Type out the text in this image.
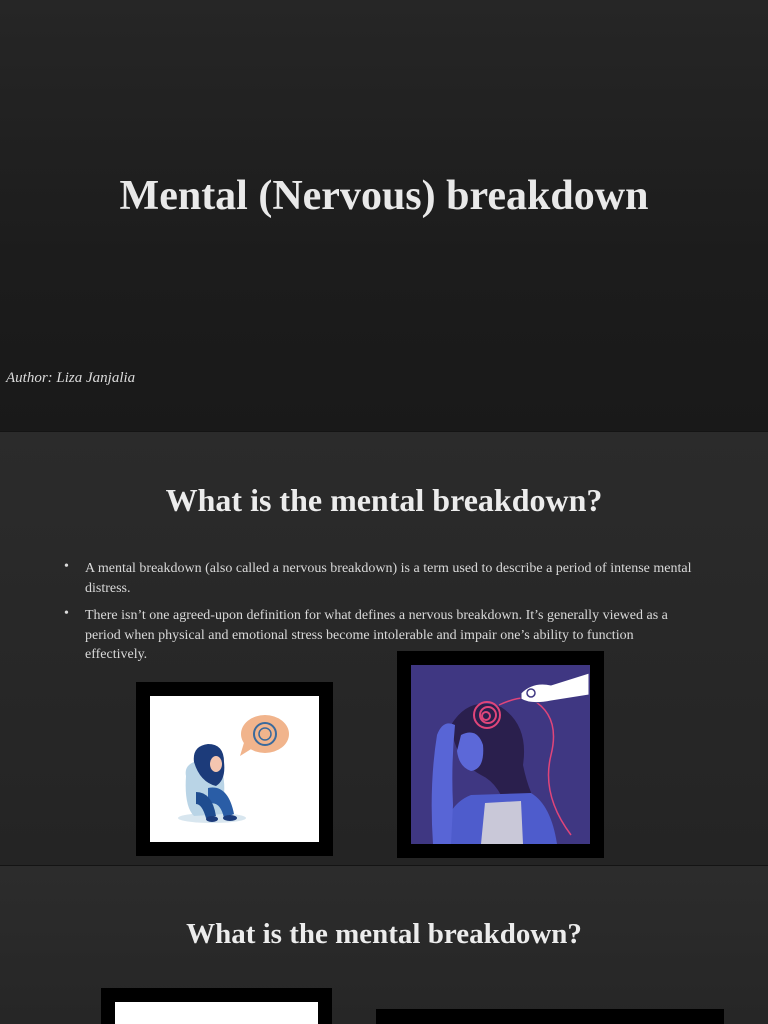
Mental (Nervous) breakdown
Author: Liza Janjalia
What is the mental breakdown?
• A mental breakdown (also called a nervous breakdown) is a term used to describe a period of intense mental distress.
• There isn’t one agreed-upon definition for what defines a nervous breakdown. It’s generally viewed as a period when physical and emotional stress become intolerable and impair one’s ability to function effectively.
What is the mental breakdown?
